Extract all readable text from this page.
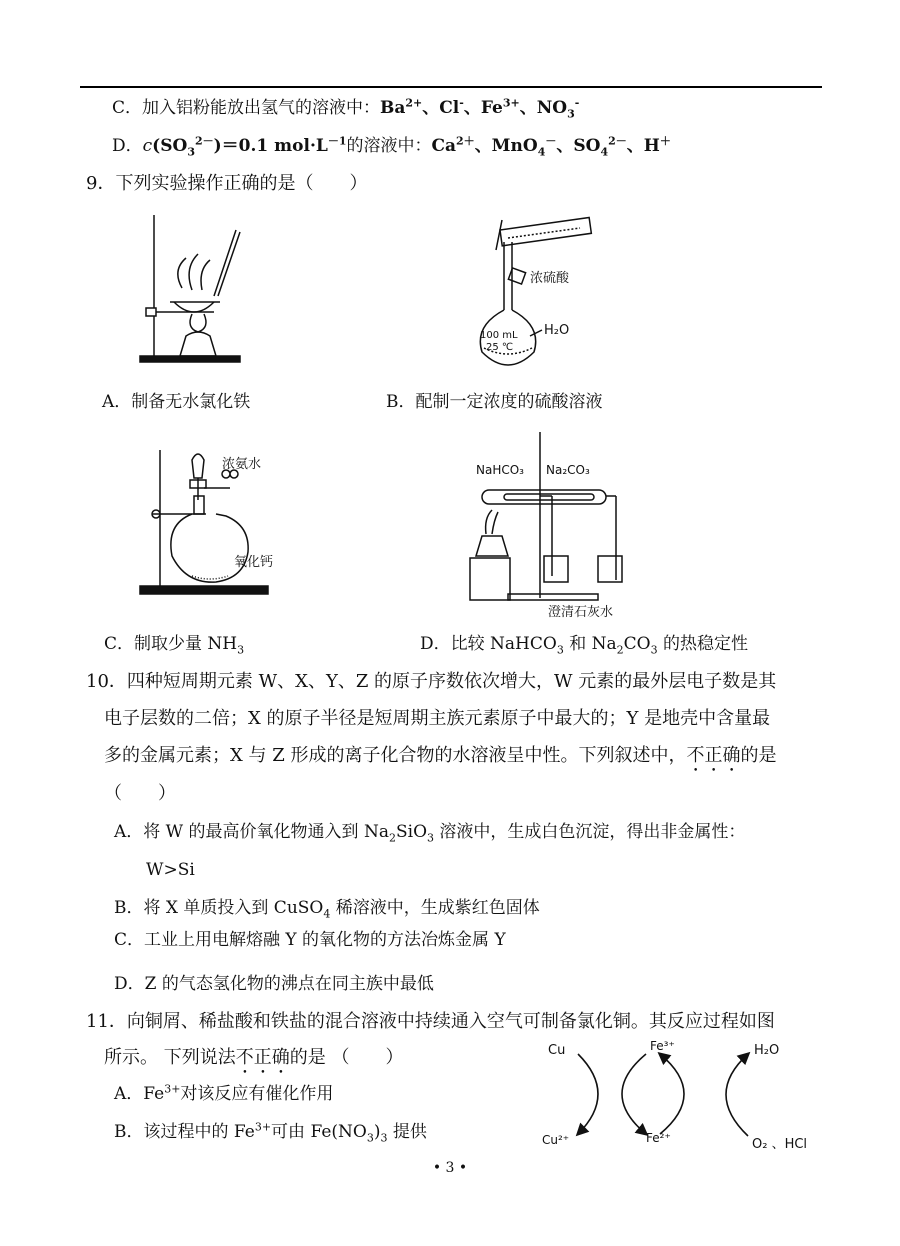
C．加入铝粉能放出氢气的溶液中：$Ba^{2+}$、Cl-、$Fe^{3+}$、$NO_3^-$
D．$c(SO_3^{2-})=0.1$ $mol\cdot L^{-1}$的溶液中：$Ca^{2+}$、MnO$_4$－、$SO_4^{2-}$、H＋
9．下列实验操作正确的是（　　）
A．制备无水氯化铁
浓硫酸
100 mL
25 ℃
H₂O
B．配制一定浓度的硫酸溶液
浓氨水
氧化钙
C．制取少量 $NH_3$
NaHCO₃ Na₂CO₃
澄清石灰水
D．比较 NaHCO$_3$ 和 $Na_2CO_3$ 的热稳定性
10．四种短周期元素 W、X、Y、Z 的原子序数依次增大，W 元素的最外层电子数是其
电子层数的二倍；X 的原子半径是短周期主族元素原子中最大的；Y 是地壳中含量最
多的金属元素；X 与 Z 形成的离子化合物的水溶液呈中性。下列叙述中，不正确的是
（　　）
A．将 W 的最高价氧化物通入到 $Na_2SiO_3$ 溶液中，生成白色沉淀，得出非金属性：
W>Si
B．将 X 单质投入到 CuSO$_4$ 稀溶液中，生成紫红色固体
C．工业上用电解熔融 Y 的氧化物的方法冶炼金属 Y
D．Z 的气态氢化物的沸点在同主族中最低
11．向铜屑、稀盐酸和铁盐的混合溶液中持续通入空气可制备氯化铜。其反应过程如图
所示。 下列说法不正确的是 （　　）
A．$Fe^{3+}$对该反应有催化作用
B．该过程中的 $Fe^{3+}$可由 $Fe(NO_3)_3$ 提供
Cu	Fe³⁺	H₂O
Cu²⁺	Fe²⁺	O₂ 、HCl
• 3 •
